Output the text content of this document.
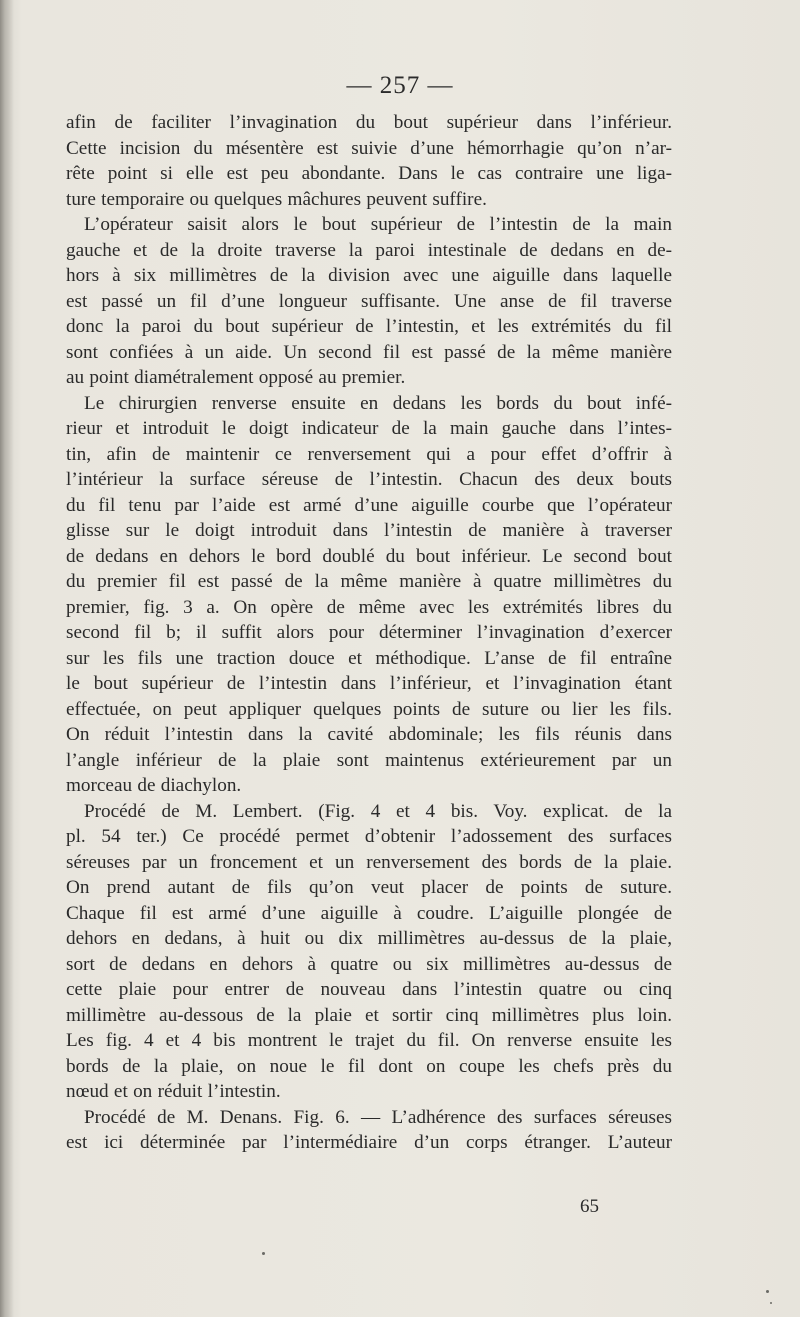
— 257 —
afin de faciliter l’invagination du bout supérieur dans l’inférieur.
Cette incision du mésentère est suivie d’une hémorrhagie qu’on n’ar-
rête point si elle est peu abondante. Dans le cas contraire une liga-
ture temporaire ou quelques mâchures peuvent suffire.
L’opérateur saisit alors le bout supérieur de l’intestin de la main
gauche et de la droite traverse la paroi intestinale de dedans en de-
hors à six millimètres de la division avec une aiguille dans laquelle
est passé un fil d’une longueur suffisante. Une anse de fil traverse
donc la paroi du bout supérieur de l’intestin, et les extrémités du fil
sont confiées à un aide. Un second fil est passé de la même manière
au point diamétralement opposé au premier.
Le chirurgien renverse ensuite en dedans les bords du bout infé-
rieur et introduit le doigt indicateur de la main gauche dans l’intes-
tin, afin de maintenir ce renversement qui a pour effet d’offrir à
l’intérieur la surface séreuse de l’intestin. Chacun des deux bouts
du fil tenu par l’aide est armé d’une aiguille courbe que l’opérateur
glisse sur le doigt introduit dans l’intestin de manière à traverser
de dedans en dehors le bord doublé du bout inférieur. Le second bout
du premier fil est passé de la même manière à quatre millimètres du
premier, fig. 3 a. On opère de même avec les extrémités libres du
second fil b; il suffit alors pour déterminer l’invagination d’exercer
sur les fils une traction douce et méthodique. L’anse de fil entraîne
le bout supérieur de l’intestin dans l’inférieur, et l’invagination étant
effectuée, on peut appliquer quelques points de suture ou lier les fils.
On réduit l’intestin dans la cavité abdominale; les fils réunis dans
l’angle inférieur de la plaie sont maintenus extérieurement par un
morceau de diachylon.
Procédé de M. Lembert. (Fig. 4 et 4 bis. Voy. explicat. de la
pl. 54 ter.) Ce procédé permet d’obtenir l’adossement des surfaces
séreuses par un froncement et un renversement des bords de la plaie.
On prend autant de fils qu’on veut placer de points de suture.
Chaque fil est armé d’une aiguille à coudre. L’aiguille plongée de
dehors en dedans, à huit ou dix millimètres au-dessus de la plaie,
sort de dedans en dehors à quatre ou six millimètres au-dessus de
cette plaie pour entrer de nouveau dans l’intestin quatre ou cinq
millimètre au-dessous de la plaie et sortir cinq millimètres plus loin.
Les fig. 4 et 4 bis montrent le trajet du fil. On renverse ensuite les
bords de la plaie, on noue le fil dont on coupe les chefs près du
nœud et on réduit l’intestin.
Procédé de M. Denans. Fig. 6. — L’adhérence des surfaces séreuses
est ici déterminée par l’intermédiaire d’un corps étranger. L’auteur
65
